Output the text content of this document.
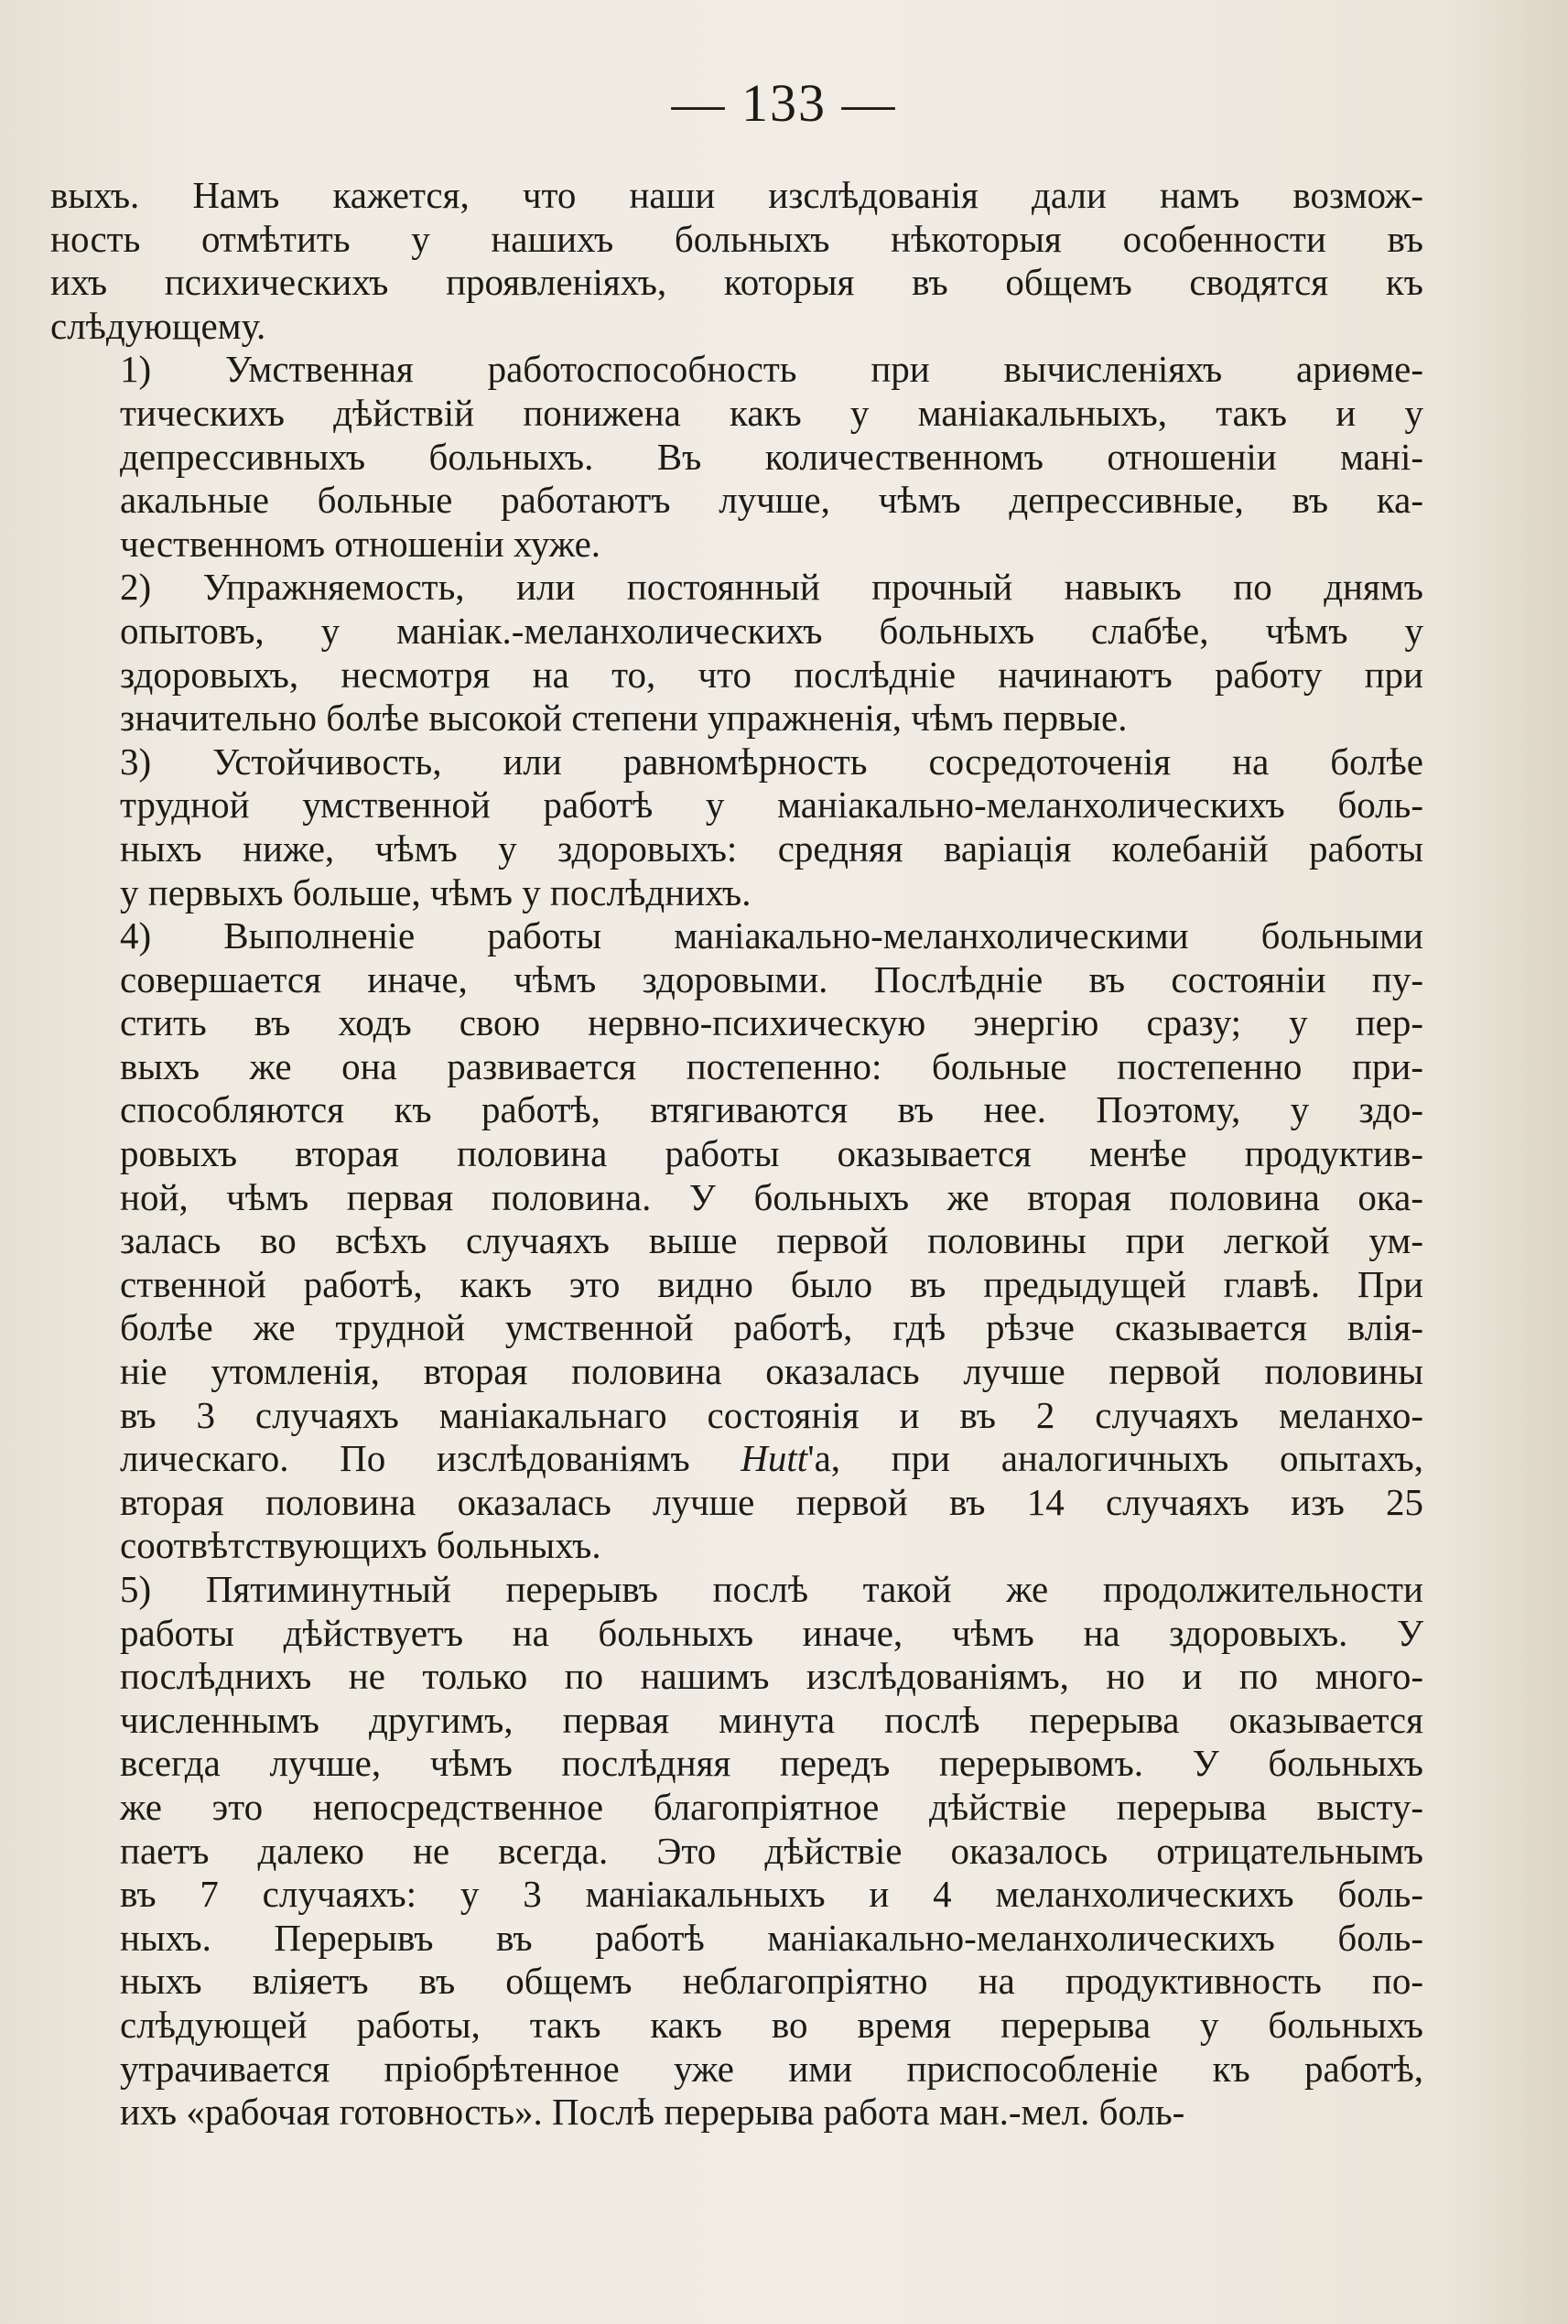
— 133 —

выхъ. Намъ кажется, что наши изслѣдованія дали намъ возмож-
ность отмѣтить у нашихъ больныхъ нѣкоторыя особенности въ
ихъ психическихъ проявленіяхъ, которыя въ общемъ сводятся къ
слѣдующему.

1) Умственная работоспособность при вычисленіяхъ ариѳме-
тическихъ дѣйствій понижена какъ у маніакальныхъ, такъ и у
депрессивныхъ больныхъ. Въ количественномъ отношеніи мані-
акальные больные работаютъ лучше, чѣмъ депрессивные, въ ка-
чественномъ отношеніи хуже.

2) Упражняемость, или постоянный прочный навыкъ по днямъ
опытовъ, у маніак.-меланхолическихъ больныхъ слабѣе, чѣмъ у
здоровыхъ, несмотря на то, что послѣдніе начинаютъ работу при
значительно болѣе высокой степени упражненія, чѣмъ первые.

3) Устойчивость, или равномѣрность сосредоточенія на болѣе
трудной умственной работѣ у маніакально-меланхолическихъ боль-
ныхъ ниже, чѣмъ у здоровыхъ: средняя варіація колебаній работы
у первыхъ больше, чѣмъ у послѣднихъ.

4) Выполненіе работы маніакально-меланхолическими больными
совершается иначе, чѣмъ здоровыми. Послѣдніе въ состояніи пу-
стить въ ходъ свою нервно-психическую энергію сразу; у пер-
выхъ же она развивается постепенно: больные постепенно при-
способляются къ работѣ, втягиваются въ нее. Поэтому, у здо-
ровыхъ вторая половина работы оказывается менѣе продуктив-
ной, чѣмъ первая половина. У больныхъ же вторая половина ока-
залась во всѣхъ случаяхъ выше первой половины при легкой ум-
ственной работѣ, какъ это видно было въ предыдущей главѣ. При
болѣе же трудной умственной работѣ, гдѣ рѣзче сказывается влія-
ніе утомленія, вторая половина оказалась лучше первой половины
въ 3 случаяхъ маніакальнаго состоянія и въ 2 случаяхъ меланхо-
лическаго. По изслѣдованіямъ Hutt'а, при аналогичныхъ опытахъ,
вторая половина оказалась лучше первой въ 14 случаяхъ изъ 25
соотвѣтствующихъ больныхъ.

5) Пятиминутный перерывъ послѣ такой же продолжительности
работы дѣйствуетъ на больныхъ иначе, чѣмъ на здоровыхъ. У
послѣднихъ не только по нашимъ изслѣдованіямъ, но и по много-
численнымъ другимъ, первая минута послѣ перерыва оказывается
всегда лучше, чѣмъ послѣдняя передъ перерывомъ. У больныхъ
же это непосредственное благопріятное дѣйствіе перерыва высту-
паетъ далеко не всегда. Это дѣйствіе оказалось отрицательнымъ
въ 7 случаяхъ: у 3 маніакальныхъ и 4 меланхолическихъ боль-
ныхъ. Перерывъ въ работѣ маніакально-меланхолическихъ боль-
ныхъ вліяетъ въ общемъ неблагопріятно на продуктивность по-
слѣдующей работы, такъ какъ во время перерыва у больныхъ
утрачивается пріобрѣтенное уже ими приспособленіе къ работѣ,
ихъ «рабочая готовность». Послѣ перерыва работа ман.-мел. боль-
